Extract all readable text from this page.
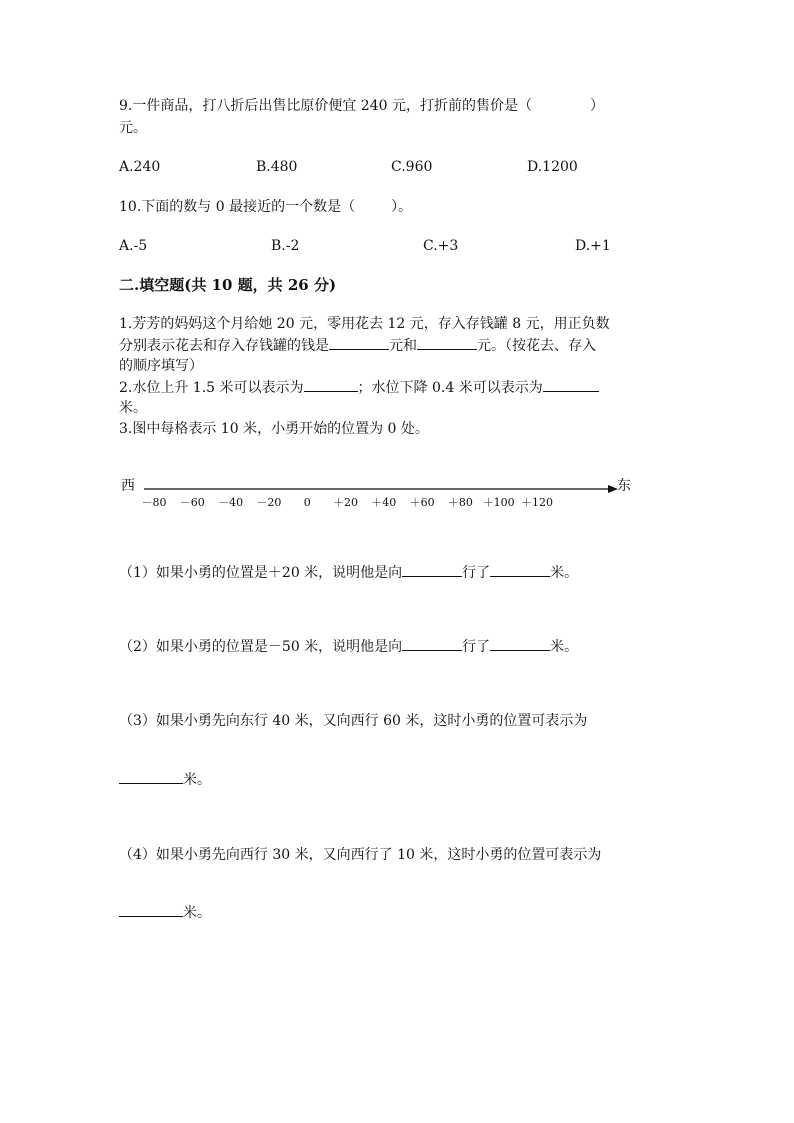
9.一件商品，打八折后出售比原价便宜 240 元，打折前的售价是（	）
元。
A.240	B.480	C.960	D.1200
10.下面的数与 0 最接近的一个数是（	）。
A.-5	B.-2	C.+3	D.+1
二.填空题(共 10 题，共 26 分)
1.芳芳的妈妈这个月给她 20 元，零用花去 12 元，存入存钱罐 8 元，用正负数
分别表示花去和存入存钱罐的钱是	元和	元。（按花去、存入
的顺序填写）
2.水位上升 1.5 米可以表示为	；水位下降 0.4 米可以表示为
米。
3.图中每格表示 10 米，小勇开始的位置为 0 处。
西	东
－80 －60 －40 －20 0 ＋20 ＋40 ＋60 ＋80 ＋100 ＋120
（1）如果小勇的位置是＋20 米，说明他是向	行了	米。
（2）如果小勇的位置是－50 米，说明他是向	行了	米。
（3）如果小勇先向东行 40 米，又向西行 60 米，这时小勇的位置可表示为
米。
（4）如果小勇先向西行 30 米，又向西行了 10 米，这时小勇的位置可表示为
米。
